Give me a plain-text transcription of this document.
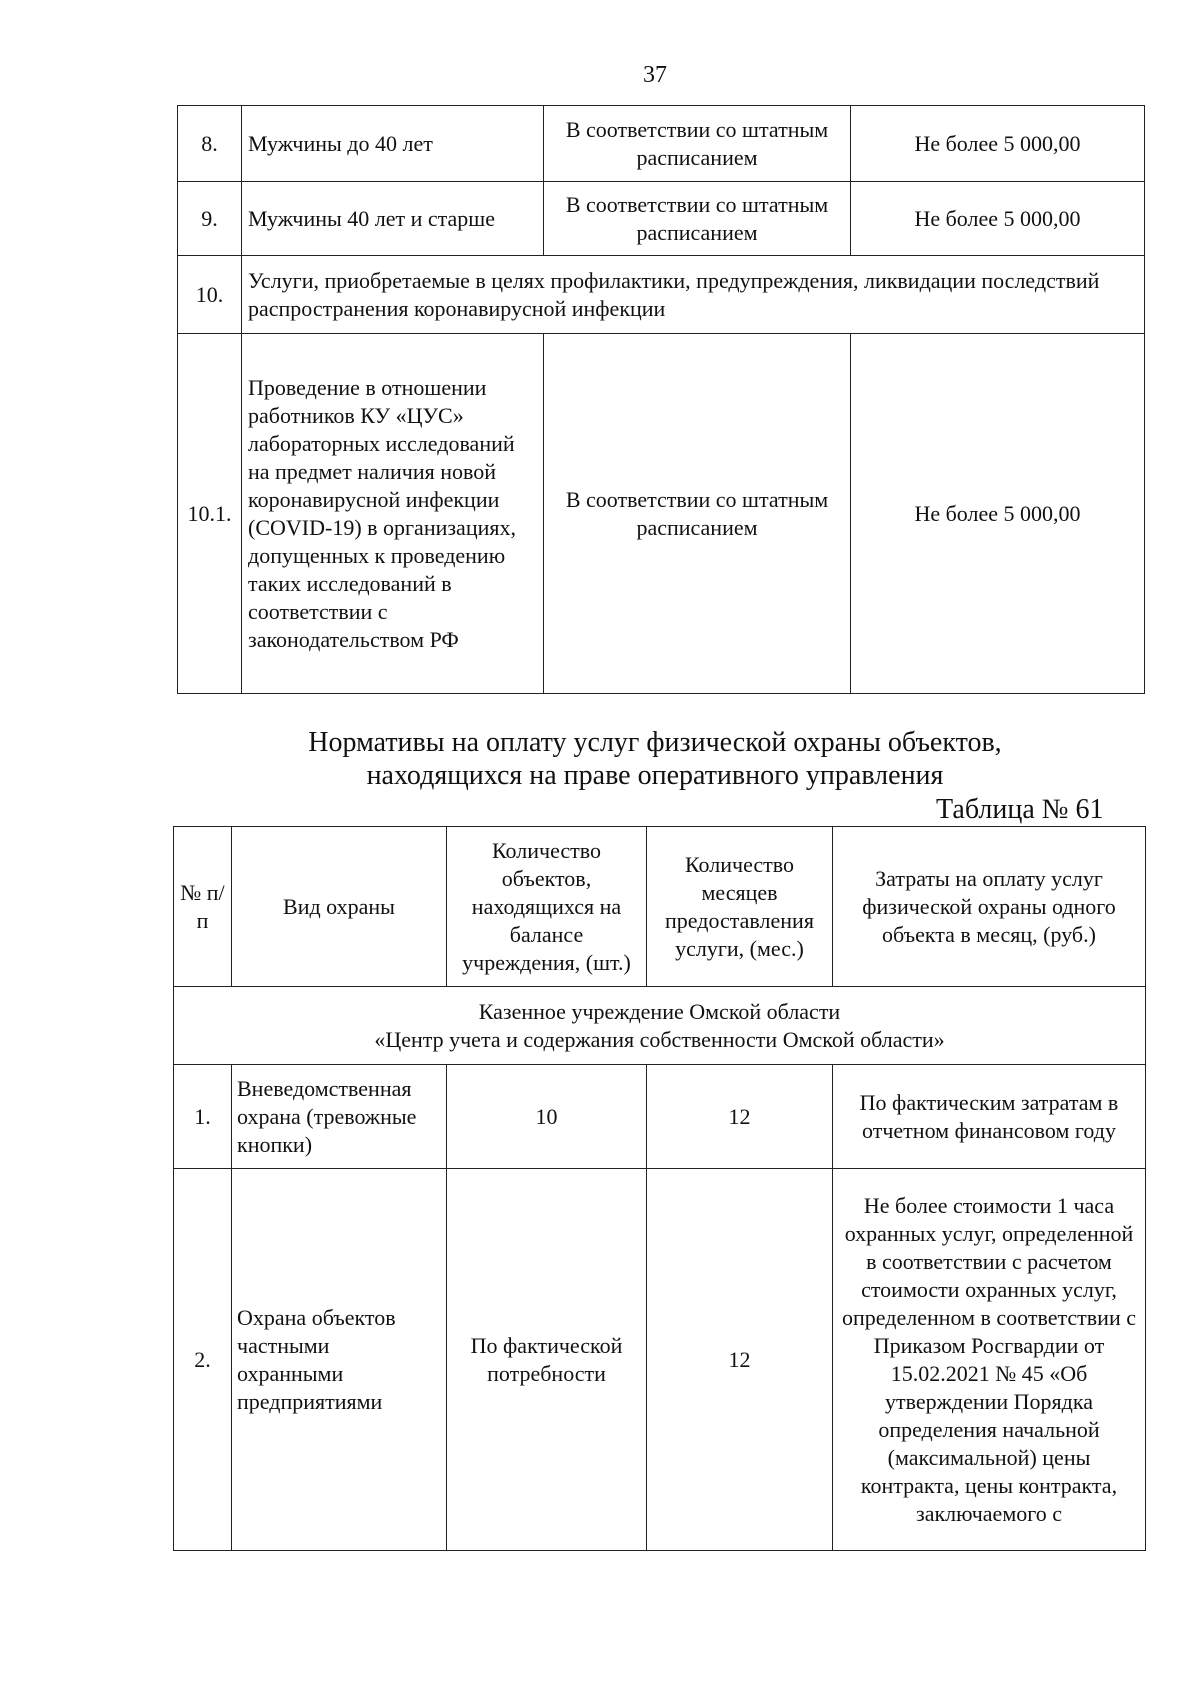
37
8.	Мужчины до 40 лет	В соответствии со штатным расписанием	Не более 5 000,00
9.	Мужчины 40 лет и старше	В соответствии со штатным расписанием	Не более 5 000,00
10.	Услуги, приобретаемые в целях профилактики, предупреждения, ликвидации последствий распространения коронавирусной инфекции		
10.1.	Проведение в отношении работников КУ «ЦУС» лабораторных исследований на предмет наличия новой коронавирусной инфекции (COVID-19) в организациях, допущенных к проведению таких исследований в соответствии с законодательством РФ	В соответствии со штатным расписанием	Не более 5 000,00
Нормативы на оплату услуг физической охраны объектов,
находящихся на праве оперативного управления
Таблица № 61
№ п/п	Вид охраны	Количество объектов, находящихся на балансе учреждения, (шт.)	Количество месяцев предоставления услуги, (мес.)	Затраты на оплату услуг физической охраны одного объекта в месяц, (руб.)

Казенное учреждение Омской области
«Центр учета и содержания собственности Омской области»				

1.	Вневедомственная охрана (тревожные кнопки)	10	12	По фактическим затратам в отчетном финансовом году
2.	Охрана объектов частными охранными предприятиями	По фактической потребности	12	Не более стоимости 1 часа охранных услуг, определенной в соответствии с расчетом стоимости охранных услуг, определенном в соответствии с Приказом Росгвардии от 15.02.2021 № 45 «Об утверждении Порядка определения начальной (максимальной) цены контракта, цены контракта, заключаемого с
